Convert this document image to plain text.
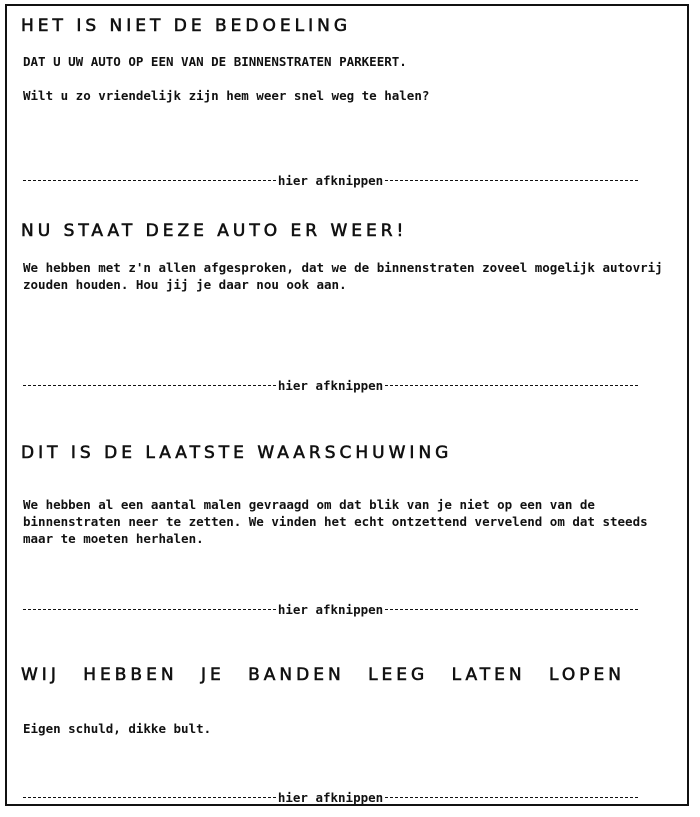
HET IS NIET DE BEDOELING

DAT U UW AUTO OP EEN VAN DE BINNENSTRATEN PARKEERT.

Wilt u zo vriendelijk zijn hem weer snel weg te halen?

hier afknippen
NU STAAT DEZE AUTO ER WEER!

We hebben met z'n allen afgesproken, dat we de binnenstraten zoveel mogelijk autovrij zouden houden. Hou jij je daar nou ook aan.

hier afknippen
DIT IS DE LAATSTE WAARSCHUWING

We hebben al een aantal malen gevraagd om dat blik van je niet op een van de binnenstraten neer te zetten. We vinden het echt ontzettend vervelend om dat steeds maar te moeten herhalen.

hier afknippen
WIJ HEBBEN JE BANDEN LEEG LATEN LOPEN

Eigen schuld, dikke bult.

hier afknippen
